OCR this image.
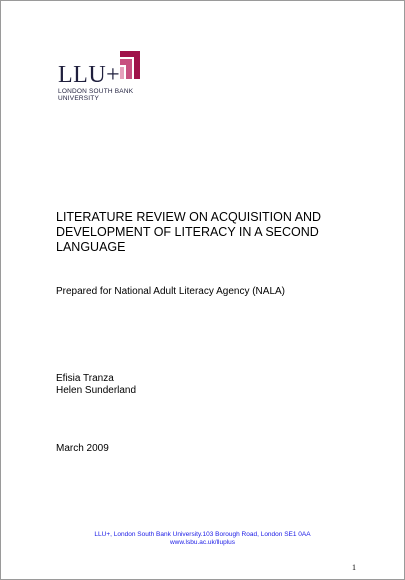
LLU+
LONDON SOUTH BANK
UNIVERSITY
LITERATURE REVIEW ON ACQUISITION AND
DEVELOPMENT OF LITERACY IN A SECOND
LANGUAGE
Prepared for National Adult Literacy Agency (NALA)
Efisia Tranza
Helen Sunderland
March 2009
LLU+, London South Bank University.103 Borough Road, London SE1 0AA
www.lsbu.ac.uk/lluplus
1
